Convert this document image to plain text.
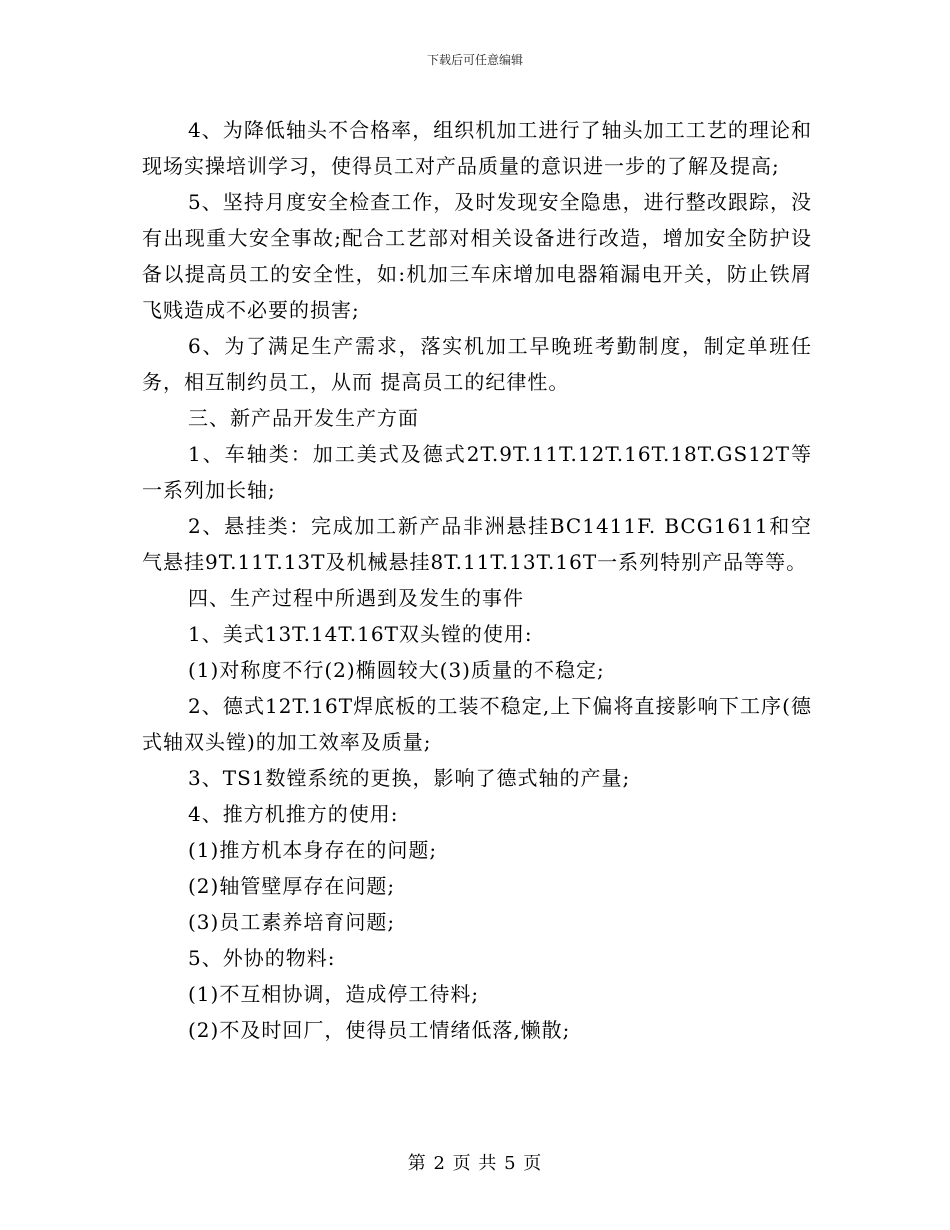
下载后可任意编辑

4、为降低轴头不合格率，组织机加工进行了轴头加工工艺的理论和现场实操培训学习，使得员工对产品质量的意识进一步的了解及提高;

5、坚持月度安全检查工作，及时发现安全隐患，进行整改跟踪，没有出现重大安全事故;配合工艺部对相关设备进行改造，增加安全防护设备以提高员工的安全性，如:机加三车床增加电器箱漏电开关，防止铁屑飞贱造成不必要的损害;

6、为了满足生产需求，落实机加工早晚班考勤制度，制定单班任务，相互制约员工，从而 提高员工的纪律性。

三、新产品开发生产方面

1、车轴类：加工美式及德式2T.9T.11T.12T.16T.18T.GS12T等一系列加长轴;

2、悬挂类：完成加工新产品非洲悬挂BC1411F. BCG1611和空气悬挂9T.11T.13T及机械悬挂8T.11T.13T.16T一系列特别产品等等。

四、生产过程中所遇到及发生的事件

1、美式13T.14T.16T双头镗的使用:

(1)对称度不行(2)椭圆较大(3)质量的不稳定;

2、德式12T.16T焊底板的工装不稳定,上下偏将直接影响下工序(德式轴双头镗)的加工效率及质量;

3、TS1数镗系统的更换，影响了德式轴的产量;

4、推方机推方的使用:

(1)推方机本身存在的问题;

(2)轴管壁厚存在问题;

(3)员工素养培育问题;

5、外协的物料:

(1)不互相协调，造成停工待料;

(2)不及时回厂，使得员工情绪低落,懒散;

第 2 页 共 5 页
